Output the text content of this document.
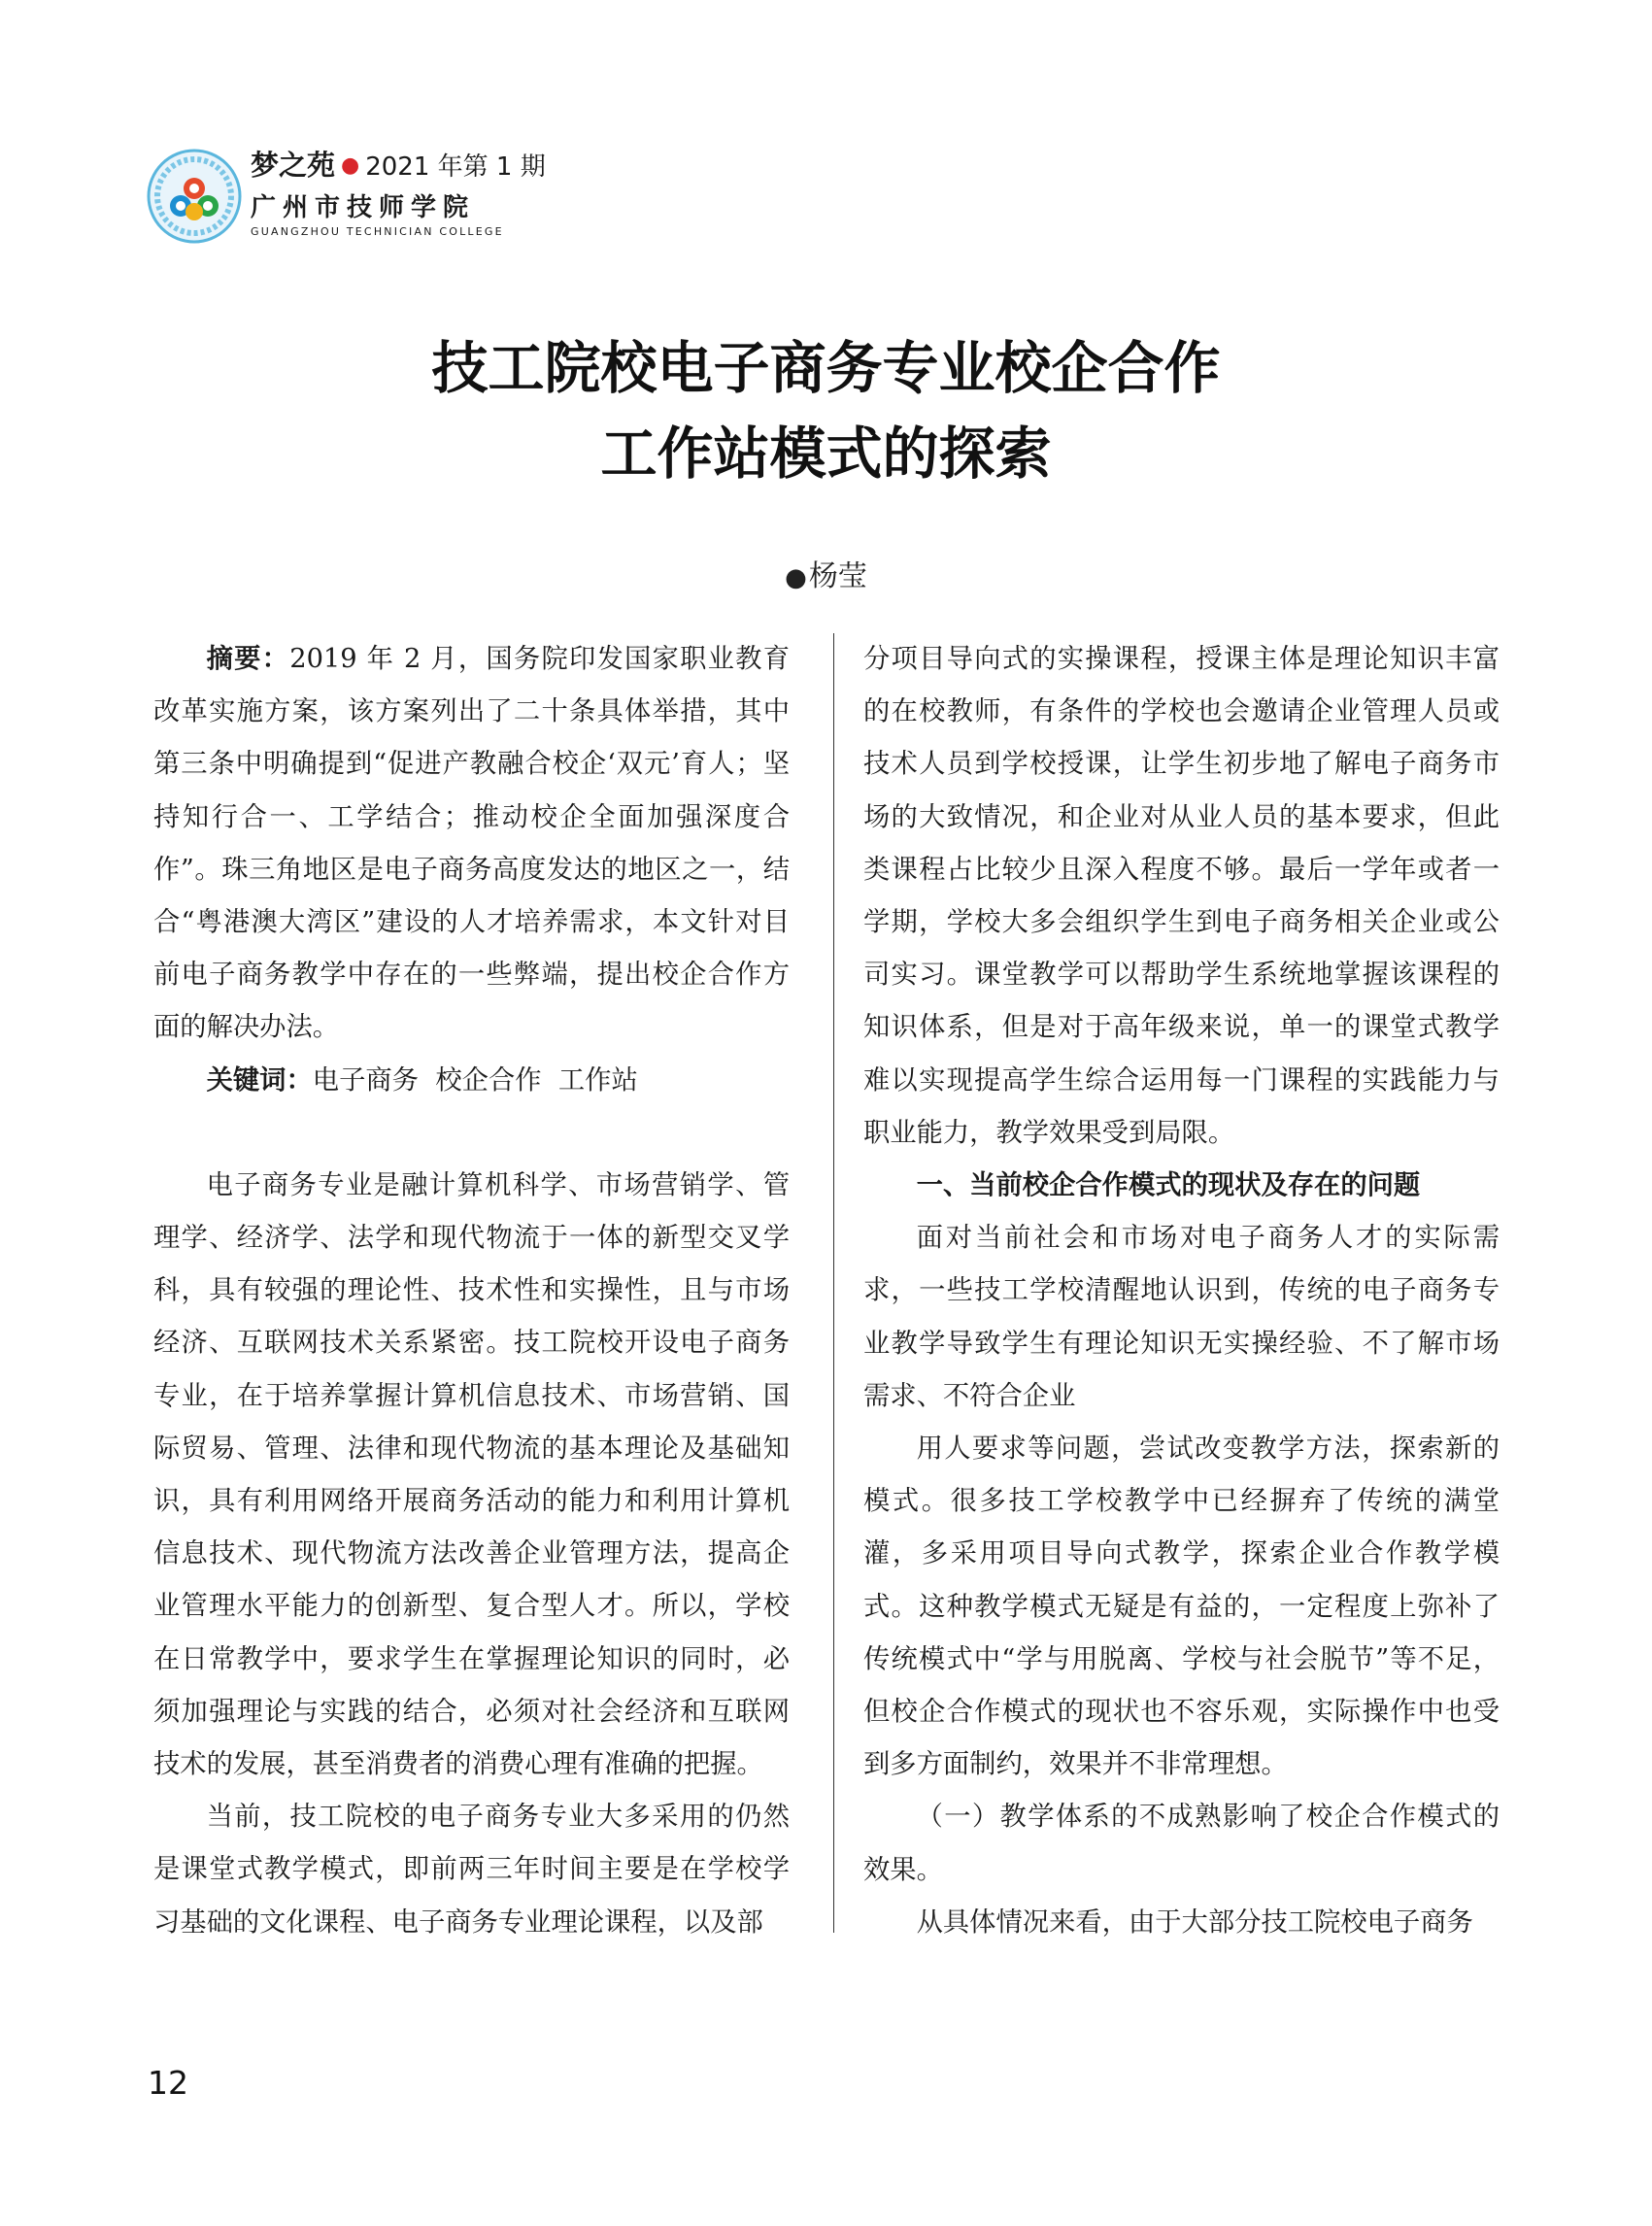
梦之苑 ● 2021 年第 1 期
广州市技师学院
GUANGZHOU TECHNICIAN COLLEGE
技工院校电子商务专业校企合作
工作站模式的探索
●杨莹

摘要：2019 年 2 月，国务院印发国家职业教育改革实施方案，该方案列出了二十条具体举措，其中第三条中明确提到“促进产教融合校企‘双元’育人；坚持知行合一、工学结合；推动校企全面加强深度合作”。珠三角地区是电子商务高度发达的地区之一，结合“粤港澳大湾区”建设的人才培养需求，本文针对目前电子商务教学中存在的一些弊端，提出校企合作方面的解决办法。

关键词：电子商务  校企合作  工作站

电子商务专业是融计算机科学、市场营销学、管理学、经济学、法学和现代物流于一体的新型交叉学科，具有较强的理论性、技术性和实操性，且与市场经济、互联网技术关系紧密。技工院校开设电子商务专业，在于培养掌握计算机信息技术、市场营销、国际贸易、管理、法律和现代物流的基本理论及基础知识，具有利用网络开展商务活动的能力和利用计算机信息技术、现代物流方法改善企业管理方法，提高企业管理水平能力的创新型、复合型人才。所以，学校在日常教学中，要求学生在掌握理论知识的同时，必须加强理论与实践的结合，必须对社会经济和互联网技术的发展，甚至消费者的消费心理有准确的把握。

当前，技工院校的电子商务专业大多采用的仍然是课堂式教学模式，即前两三年时间主要是在学校学习基础的文化课程、电子商务专业理论课程，以及部

分项目导向式的实操课程，授课主体是理论知识丰富的在校教师，有条件的学校也会邀请企业管理人员或技术人员到学校授课，让学生初步地了解电子商务市场的大致情况，和企业对从业人员的基本要求，但此类课程占比较少且深入程度不够。最后一学年或者一学期，学校大多会组织学生到电子商务相关企业或公司实习。课堂教学可以帮助学生系统地掌握该课程的知识体系，但是对于高年级来说，单一的课堂式教学难以实现提高学生综合运用每一门课程的实践能力与职业能力，教学效果受到局限。

一、当前校企合作模式的现状及存在的问题

面对当前社会和市场对电子商务人才的实际需求，一些技工学校清醒地认识到，传统的电子商务专业教学导致学生有理论知识无实操经验、不了解市场需求、不符合企业

用人要求等问题，尝试改变教学方法，探索新的模式。很多技工学校教学中已经摒弃了传统的满堂灌，多采用项目导向式教学，探索企业合作教学模式。这种教学模式无疑是有益的，一定程度上弥补了传统模式中“学与用脱离、学校与社会脱节”等不足，但校企合作模式的现状也不容乐观，实际操作中也受到多方面制约，效果并不非常理想。

（一）教学体系的不成熟影响了校企合作模式的效果。

从具体情况来看，由于大部分技工院校电子商务

12
